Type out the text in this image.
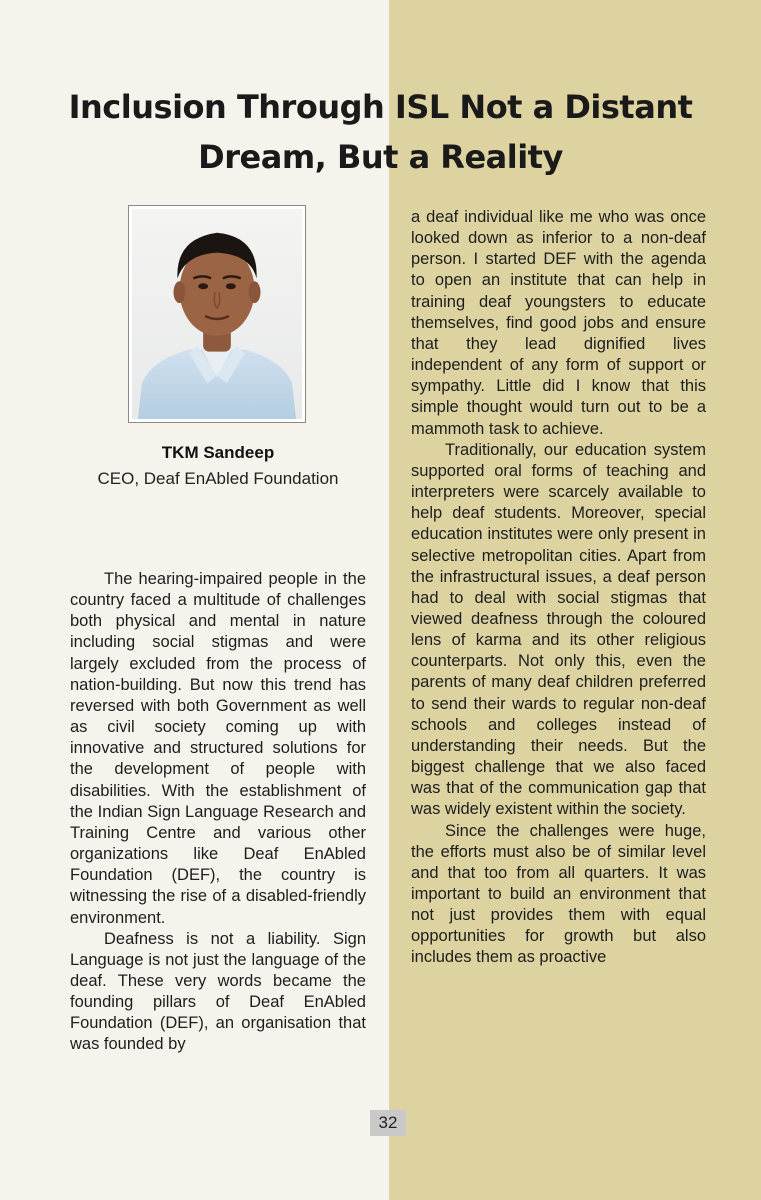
Inclusion Through ISL Not a Distant Dream, But a Reality
TKM Sandeep
CEO, Deaf EnAbled Foundation

The hearing-impaired people in the country faced a multitude of challenges both physical and mental in nature including social stigmas and were largely excluded from the process of nation-building. But now this trend has reversed with both Government as well as civil society coming up with innovative and structured solutions for the development of people with disabilities. With the establishment of the Indian Sign Language Research and Training Centre and various other organizations like Deaf EnAbled Foundation (DEF), the country is witnessing the rise of a disabled-friendly environment.

Deafness is not a liability. Sign Language is not just the language of the deaf. These very words became the founding pillars of Deaf EnAbled Foundation (DEF), an organisation that was founded by

a deaf individual like me who was once looked down as inferior to a non-deaf person. I started DEF with the agenda to open an institute that can help in training deaf youngsters to educate themselves, find good jobs and ensure that they lead dignified lives independent of any form of support or sympathy. Little did I know that this simple thought would turn out to be a mammoth task to achieve.

Traditionally, our education system supported oral forms of teaching and interpreters were scarcely available to help deaf students. Moreover, special education institutes were only present in selective metropolitan cities. Apart from the infrastructural issues, a deaf person had to deal with social stigmas that viewed deafness through the coloured lens of karma and its other religious counterparts. Not only this, even the parents of many deaf children preferred to send their wards to regular non-deaf schools and colleges instead of understanding their needs. But the biggest challenge that we also faced was that of the communication gap that was widely existent within the society.

Since the challenges were huge, the efforts must also be of similar level and that too from all quarters. It was important to build an environment that not just provides them with equal opportunities for growth but also includes them as proactive

32
